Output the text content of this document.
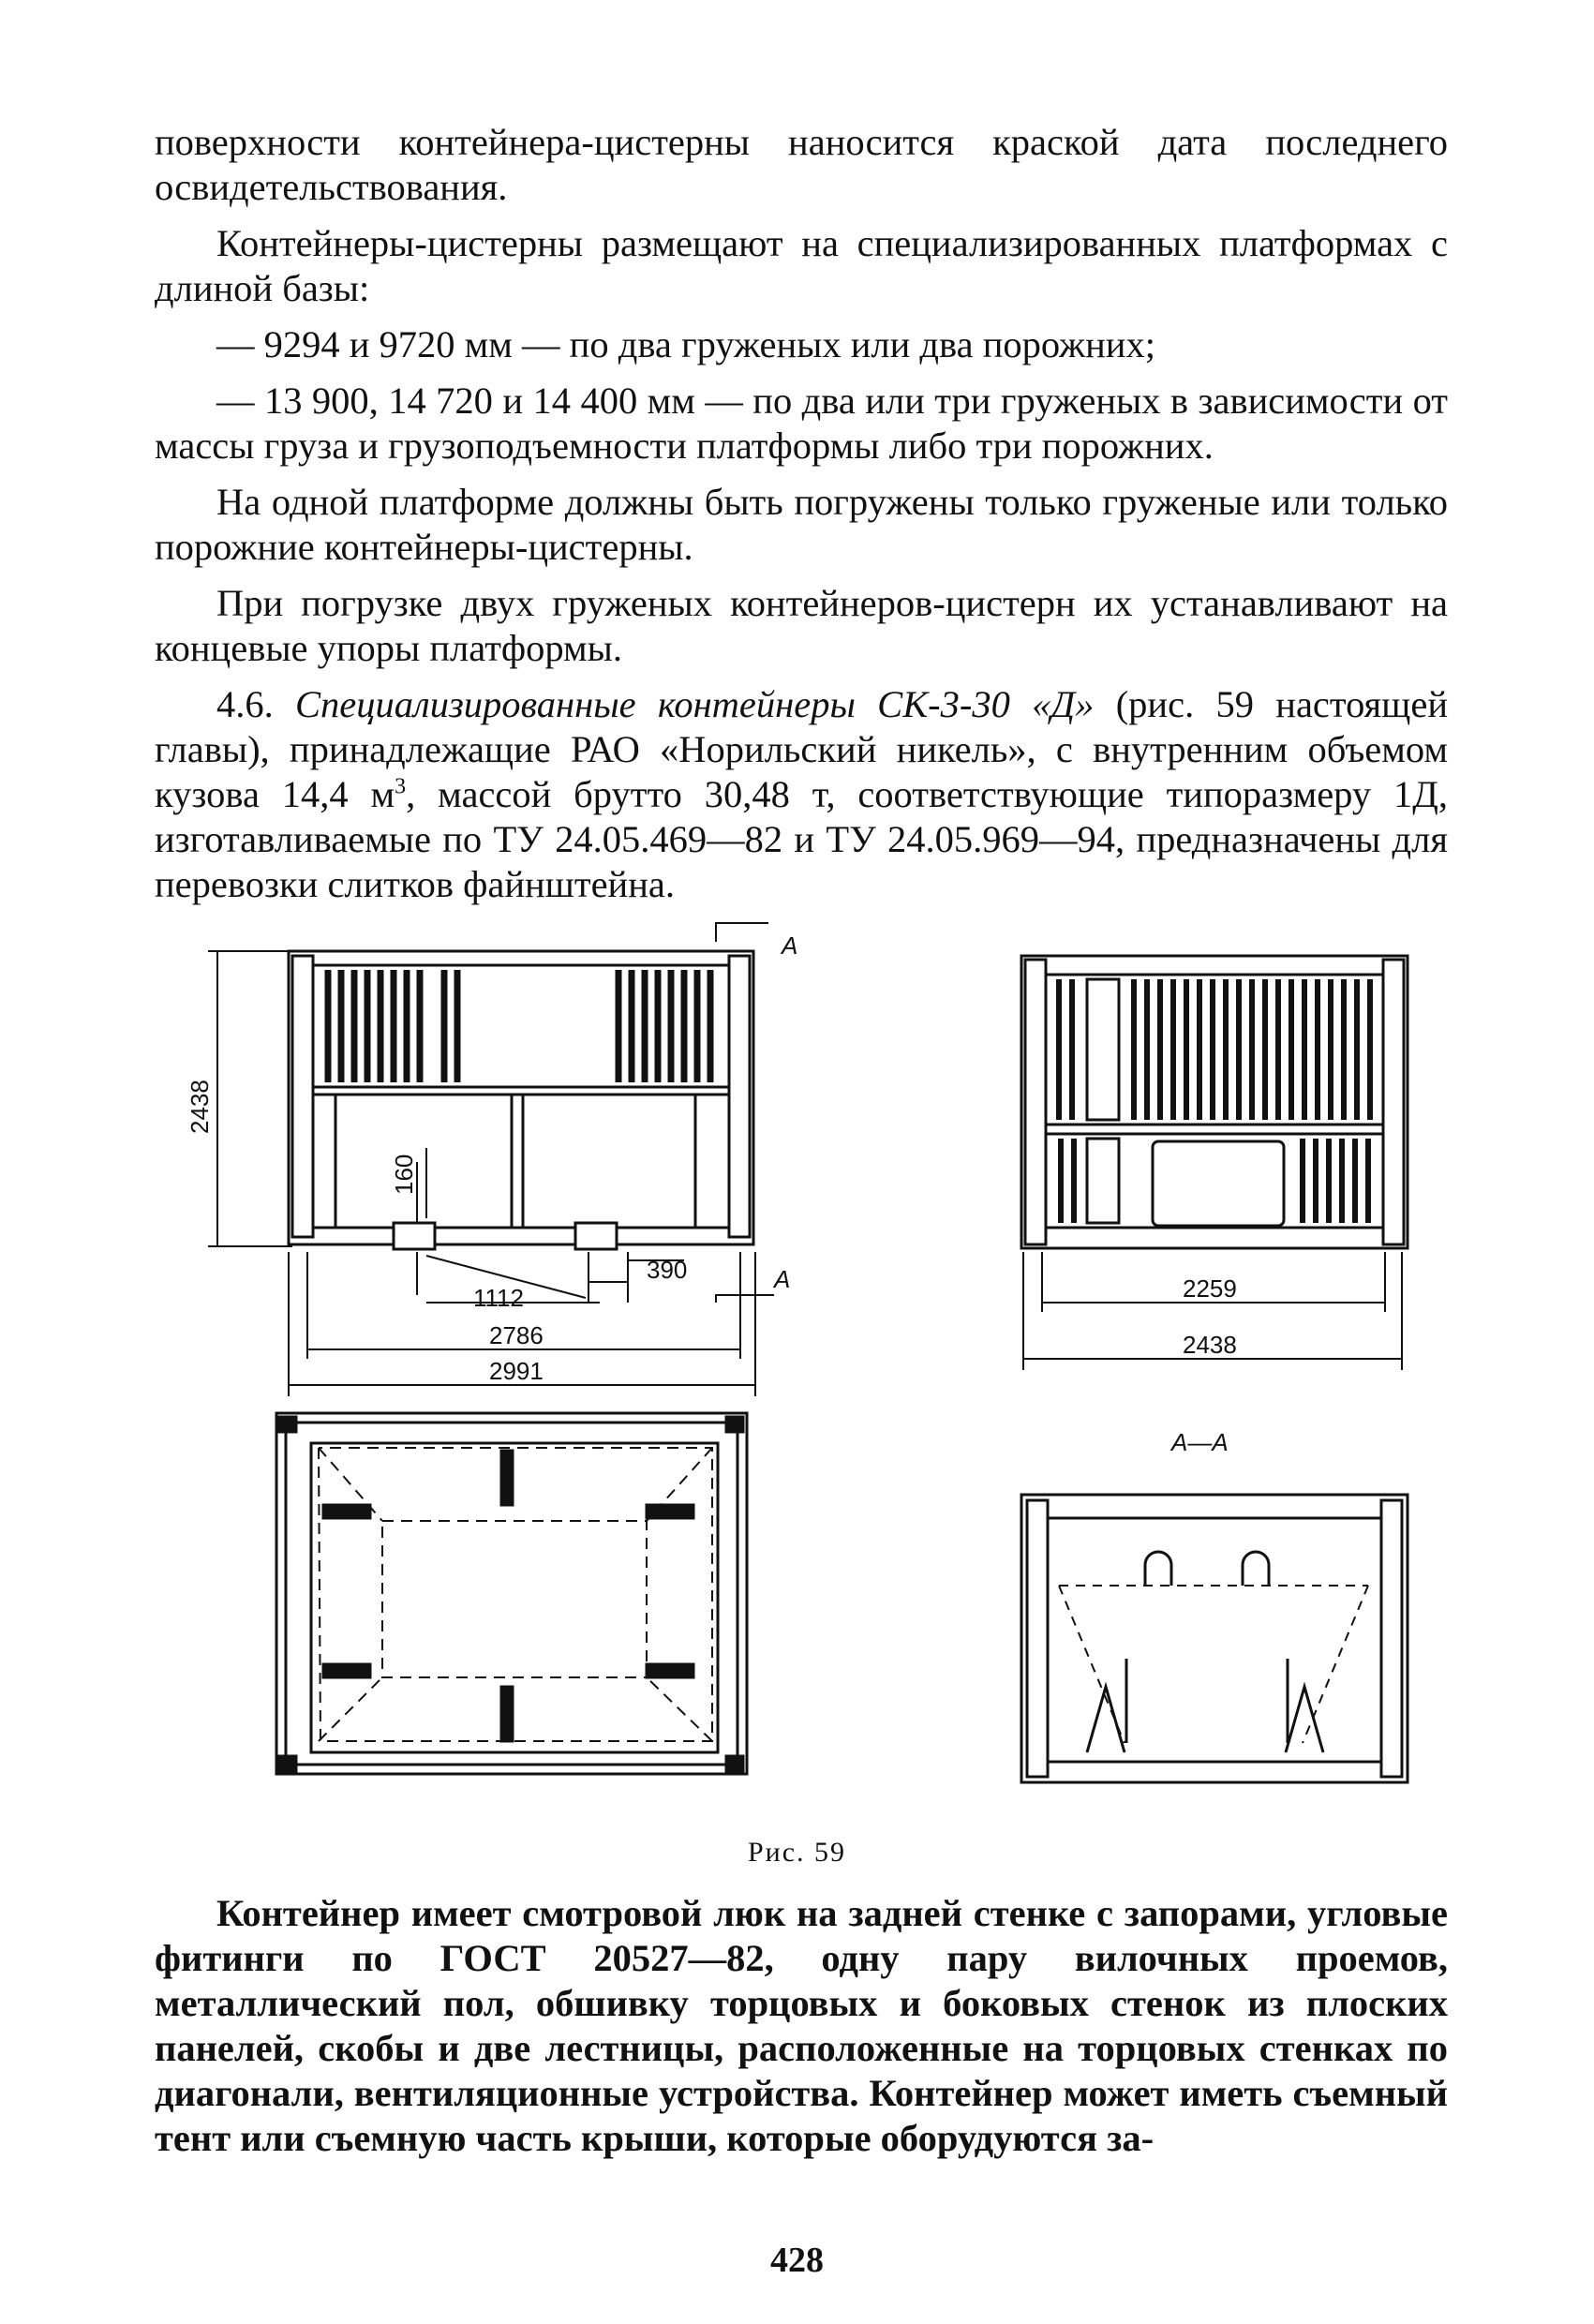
поверхности контейнера-цистерны наносится краской дата последнего освидетельствования.

Контейнеры-цистерны размещают на специализированных платформах с длиной базы:

— 9294 и 9720 мм — по два груженых или два порожних;

— 13 900, 14 720 и 14 400 мм — по два или три груженых в зависимости от массы груза и грузоподъемности платформы либо три порожних.

На одной платформе должны быть погружены только груженые или только порожние контейнеры-цистерны.

При погрузке двух груженых контейнеров-цистерн их устанавливают на концевые упоры платформы.

4.6. Специализированные контейнеры СК-3-30 «Д» (рис. 59 настоящей главы), принадлежащие РАО «Норильский никель», с внутренним объемом кузова 14,4 $м^3$, массой брутто 30,48 т, соответствующие типоразмеру 1Д, изготавливаемые по ТУ 24.05.469—82 и ТУ 24.05.969—94, предназначены для перевозки слитков файнштейна.

2438
160
390
1112
2786
2991
2259
2438
A
A
А—А
Рис. 59

Контейнер имеет смотровой люк на задней стенке с запорами, угловые фитинги по ГОСТ 20527—82, одну пару вилочных проемов, металлический пол, обшивку торцовых и боковых стенок из плоских панелей, скобы и две лестницы, расположенные на торцовых стенках по диагонали, вентиляционные устройства. Контейнер может иметь съемный тент или съемную часть крыши, которые оборудуются за-

428
